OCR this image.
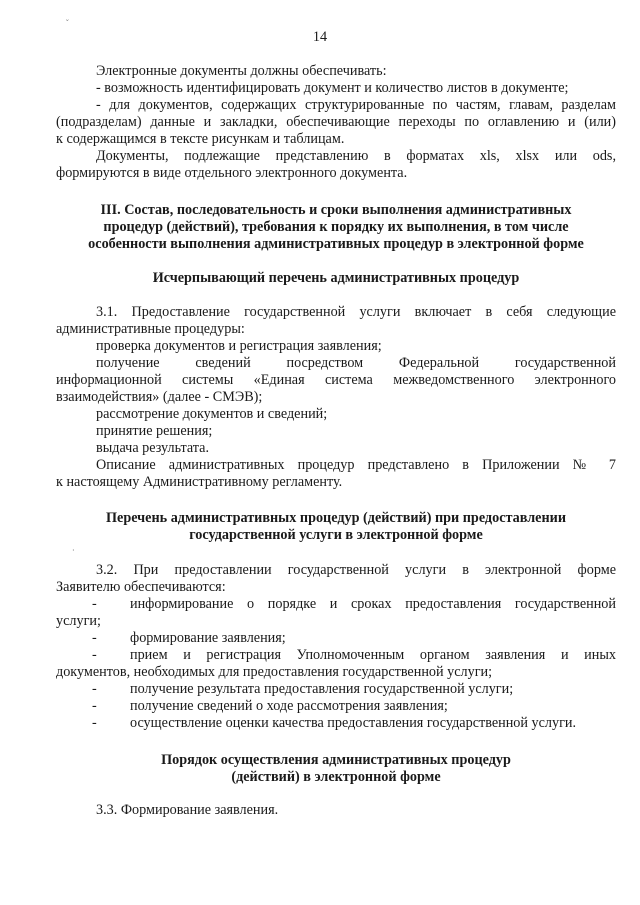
˘
14
Электронные документы должны обеспечивать:
- возможность идентифицировать документ и количество листов в документе;
- для документов, содержащих структурированные по частям, главам, разделам
(подразделам) данные и закладки, обеспечивающие переходы по оглавлению и (или)
к содержащимся в тексте рисункам и таблицам.
Документы, подлежащие представлению в форматах xls, xlsx или ods,
формируются в виде отдельного электронного документа.
III. Состав, последовательность и сроки выполнения административных
процедур (действий), требования к порядку их выполнения, в том числе
особенности выполнения административных процедур в электронной форме
Исчерпывающий перечень административных процедур
3.1. Предоставление государственной услуги включает в себя следующие
административные процедуры:
проверка документов и регистрация заявления;
получение сведений посредством Федеральной государственной
информационной системы «Единая система межведомственного электронного
взаимодействия» (далее - СМЭВ);
рассмотрение документов и сведений;
принятие решения;
выдача результата.
Описание административных процедур представлено в Приложении № 7
к настоящему Административному регламенту.
Перечень административных процедур (действий) при предоставлении
государственной услуги в электронной форме
·
3.2. При предоставлении государственной услуги в электронной форме
Заявителю обеспечиваются:
- информирование о порядке и сроках предоставления государственной
услуги;
- формирование заявления;
- прием и регистрация Уполномоченным органом заявления и иных
документов, необходимых для предоставления государственной услуги;
- получение результата предоставления государственной услуги;
- получение сведений о ходе рассмотрения заявления;
- осуществление оценки качества предоставления государственной услуги.
Порядок осуществления административных процедур
(действий) в электронной форме
3.3. Формирование заявления.
